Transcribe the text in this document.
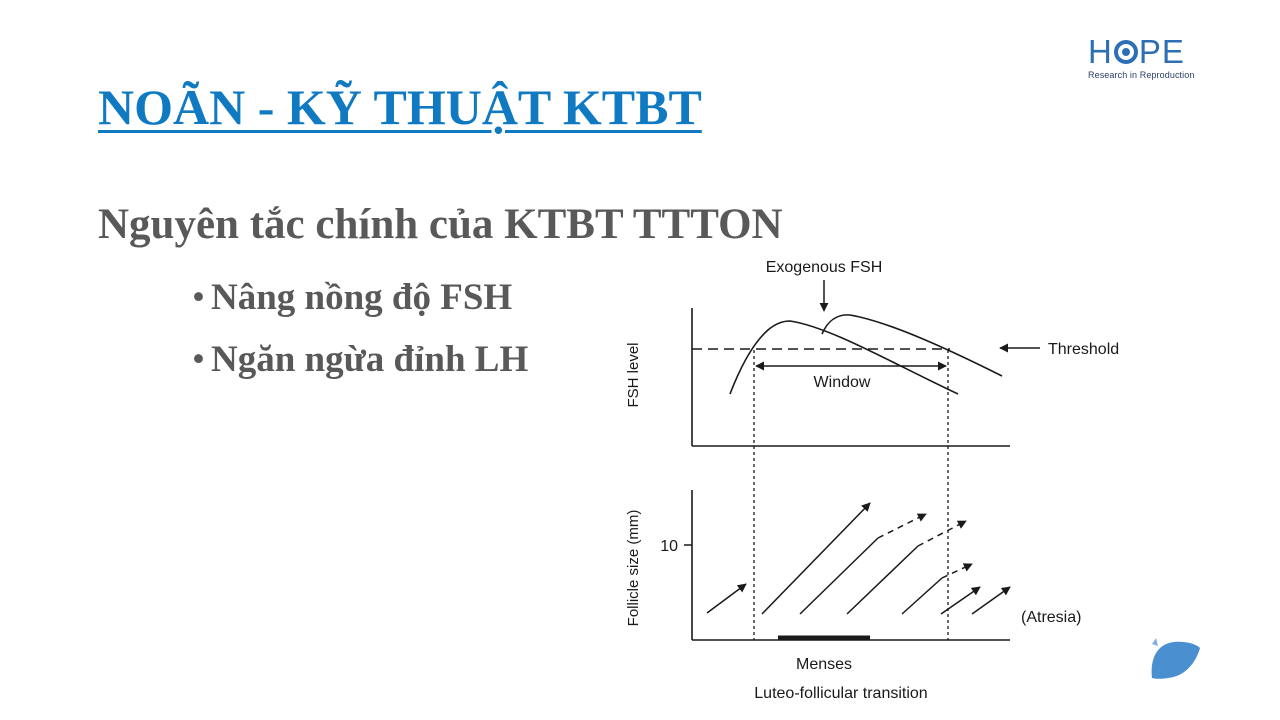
NOÃN - KỸ THUẬT KTBT
H PE
Research in Reproduction
Nguyên tắc chính của KTBT TTTON
• Nâng nồng độ FSH
• Ngăn ngừa đỉnh LH	FSH level
Exogenous FSH
Threshold
Window
Follicle size (mm) 10
(Atresia)
Menses
Luteo-follicular transition
